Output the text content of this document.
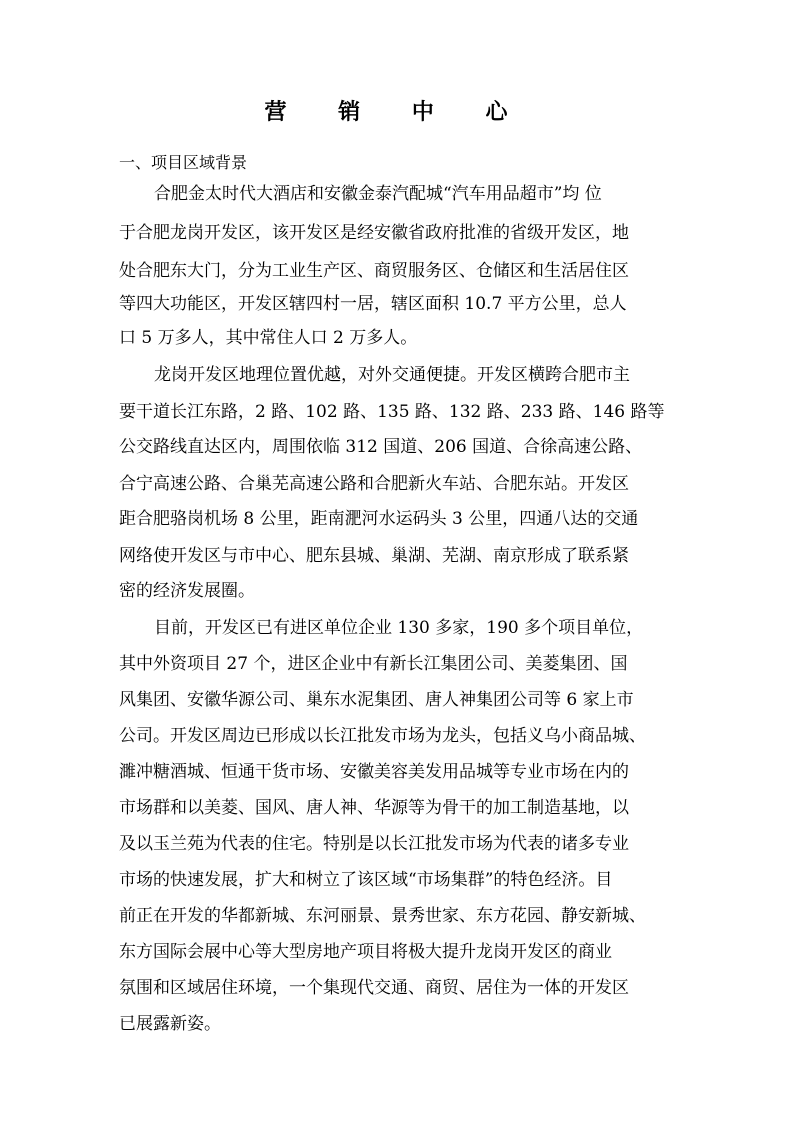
营 销 中 心
一、项目区域背景
合肥金太时代大酒店和安徽金泰汽配城“汽车用品超市”均 位
于合肥龙岗开发区，该开发区是经安徽省政府批准的省级开发区，地
处合肥东大门，分为工业生产区、商贸服务区、仓储区和生活居住区
等四大功能区，开发区辖四村一居，辖区面积 10.7 平方公里，总人
口 5 万多人，其中常住人口 2 万多人。
龙岗开发区地理位置优越，对外交通便捷。开发区横跨合肥市主
要干道长江东路，2 路、102 路、135 路、132 路、233 路、146 路等
公交路线直达区内，周围依临 312 国道、206 国道、合徐高速公路、
合宁高速公路、合巢芜高速公路和合肥新火车站、合肥东站。开发区
距合肥骆岗机场 8 公里，距南淝河水运码头 3 公里，四通八达的交通
网络使开发区与市中心、肥东县城、巢湖、芜湖、南京形成了联系紧
密的经济发展圈。
目前，开发区已有进区单位企业 130 多家，190 多个项目单位，
其中外资项目 27 个，进区企业中有新长江集团公司、美菱集团、国
风集团、安徽华源公司、巢东水泥集团、唐人神集团公司等 6 家上市
公司。开发区周边已形成以长江批发市场为龙头，包括义乌小商品城、
濉冲糖酒城、恒通干货市场、安徽美容美发用品城等专业市场在内的
市场群和以美菱、国风、唐人神、华源等为骨干的加工制造基地，以
及以玉兰苑为代表的住宅。特别是以长江批发市场为代表的诸多专业
市场的快速发展，扩大和树立了该区域“市场集群”的特色经济。目
前正在开发的华都新城、东河丽景、景秀世家、东方花园、静安新城、
东方国际会展中心等大型房地产项目将极大提升龙岗开发区的商业
氛围和区域居住环境，一个集现代交通、商贸、居住为一体的开发区
已展露新姿。
